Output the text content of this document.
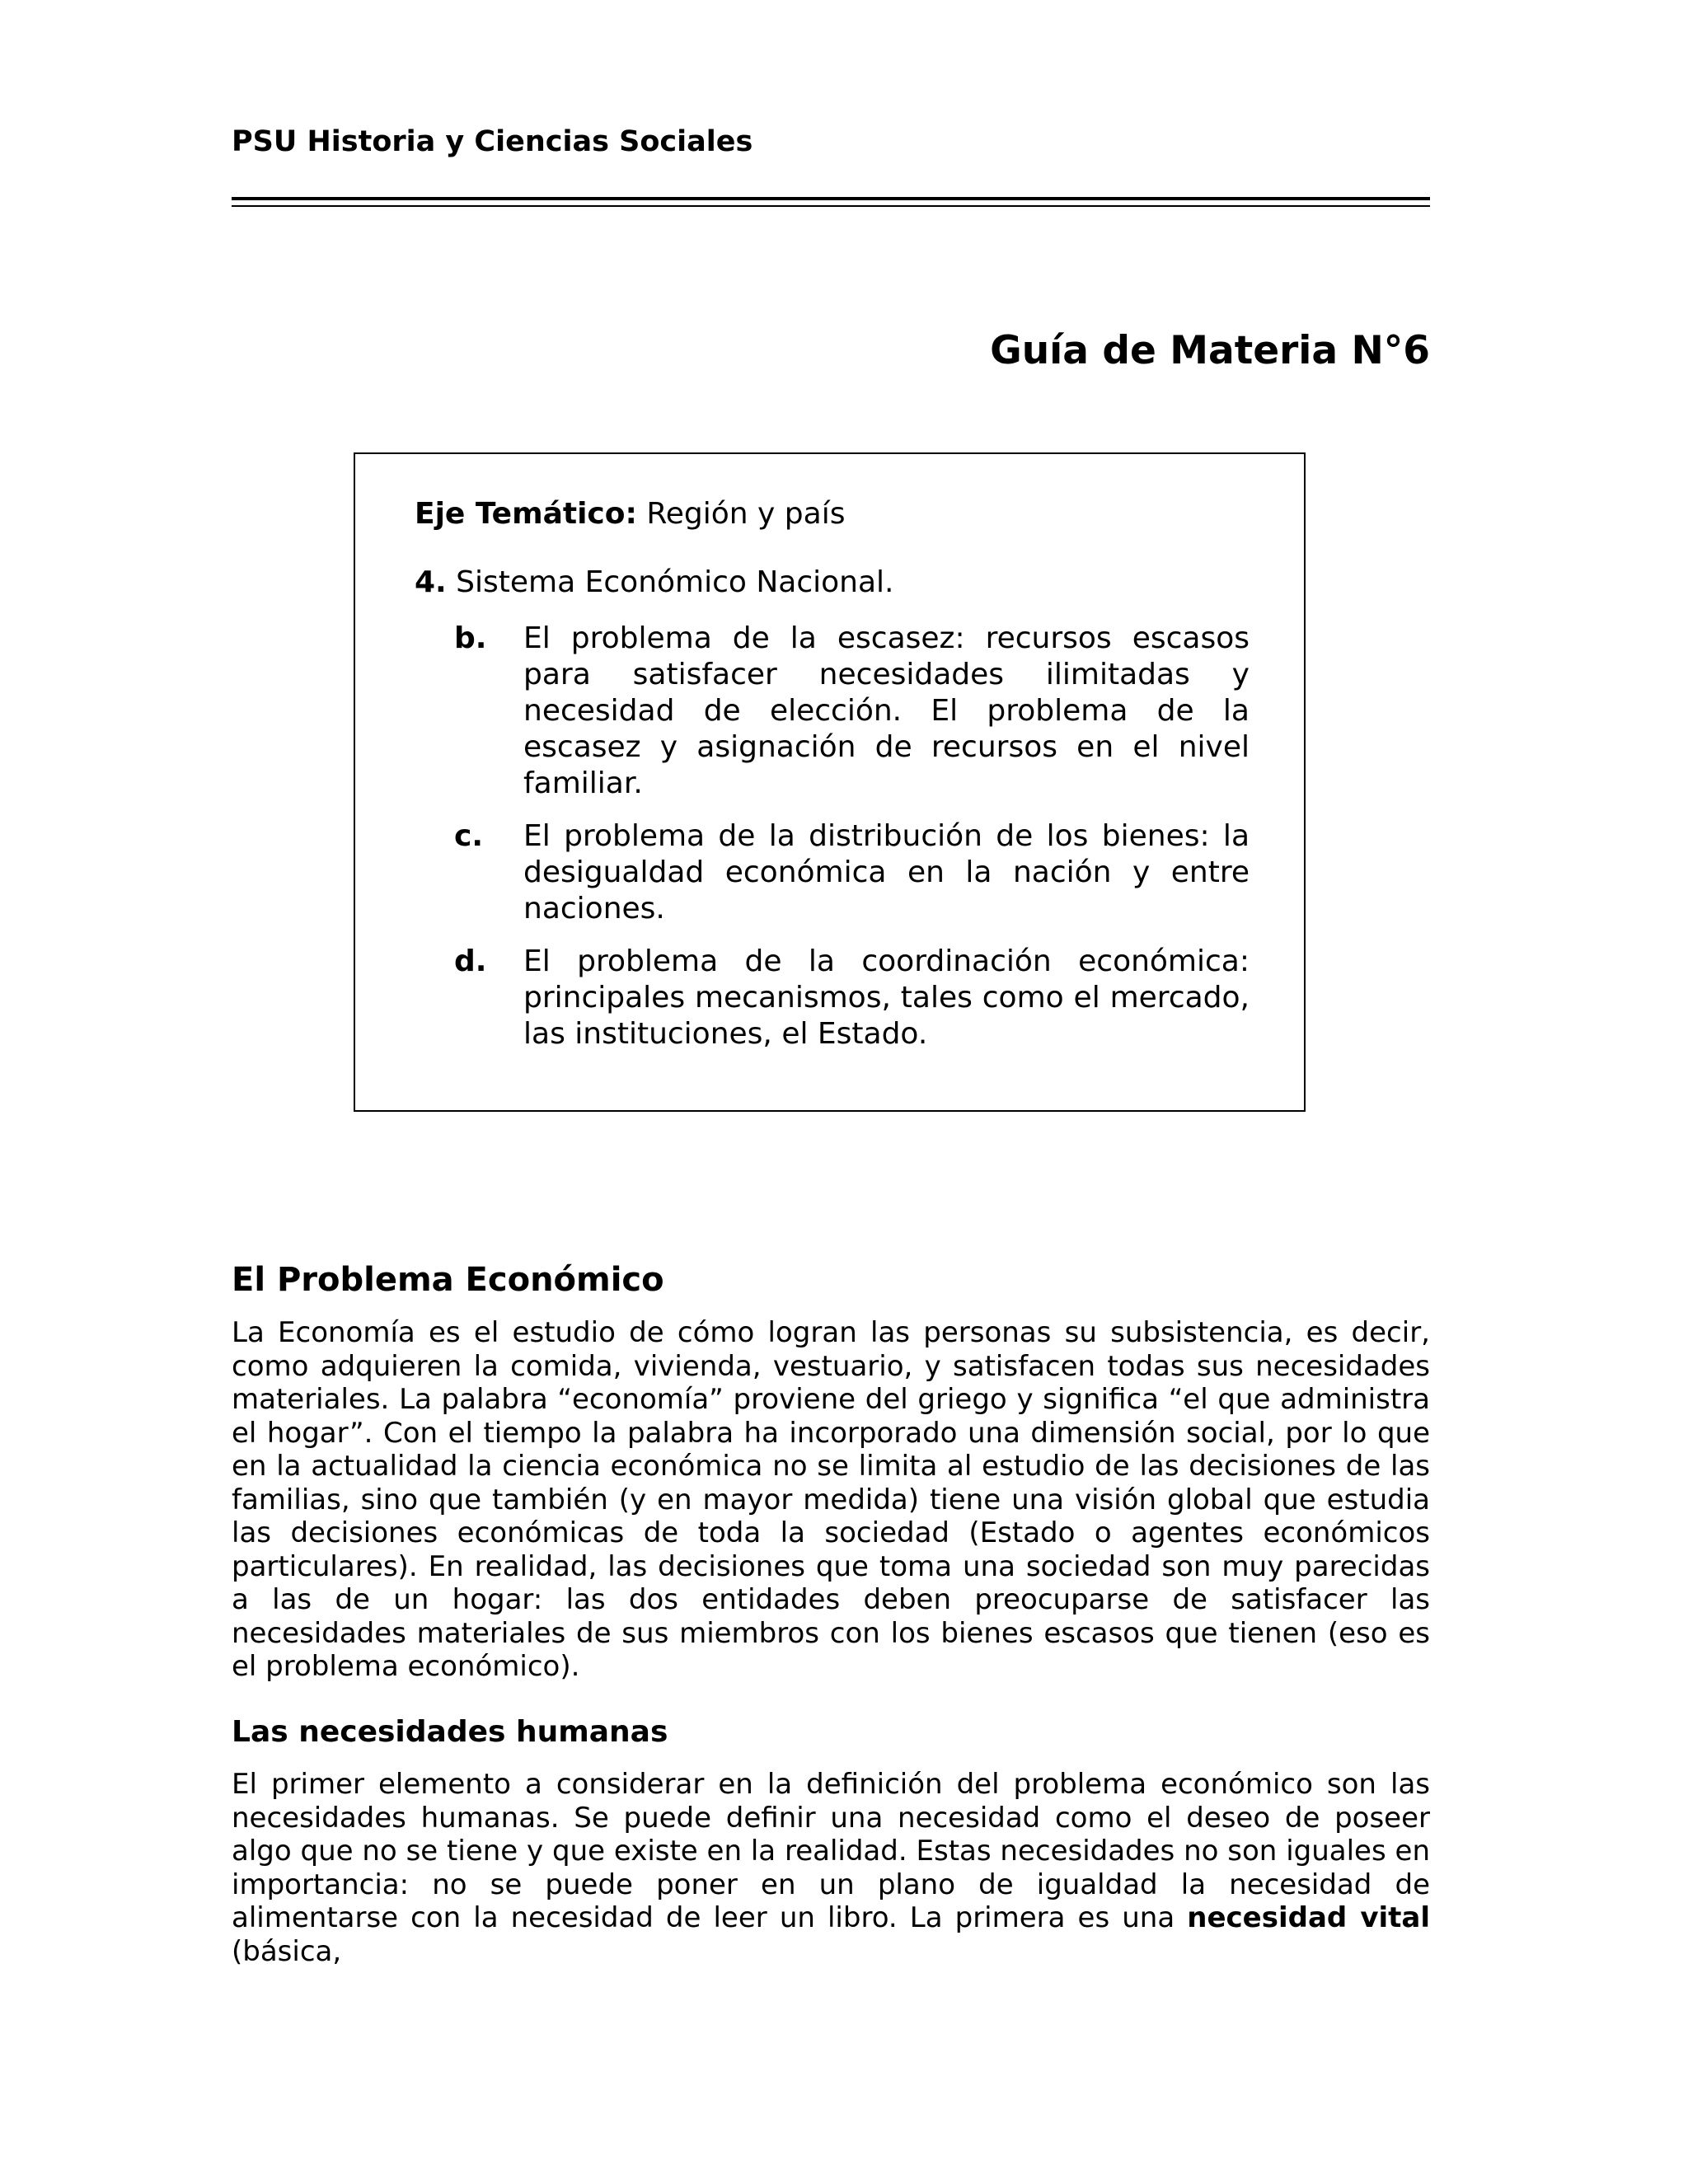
PSU Historia y Ciencias Sociales
Guía de Materia N°6
Eje Temático: Región y país
4. Sistema Económico Nacional.
b. El problema de la escasez: recursos escasos para satisfacer necesidades ilimitadas y necesidad de elección. El problema de la escasez y asignación de recursos en el nivel familiar.
c. El problema de la distribución de los bienes: la desigualdad económica en la nación y entre naciones.
d. El problema de la coordinación económica: principales mecanismos, tales como el mercado, las instituciones, el Estado.
El Problema Económico
La Economía es el estudio de cómo logran las personas su subsistencia, es decir, como adquieren la comida, vivienda, vestuario, y satisfacen todas sus necesidades materiales. La palabra “economía” proviene del griego y significa “el que administra el hogar”. Con el tiempo la palabra ha incorporado una dimensión social, por lo que en la actualidad la ciencia económica no se limita al estudio de las decisiones de las familias, sino que también (y en mayor medida) tiene una visión global que estudia las decisiones económicas de toda la sociedad (Estado o agentes económicos particulares). En realidad, las decisiones que toma una sociedad son muy parecidas a las de un hogar: las dos entidades deben preocuparse de satisfacer las necesidades materiales de sus miembros con los bienes escasos que tienen (eso es el problema económico).
Las necesidades humanas
El primer elemento a considerar en la definición del problema económico son las necesidades humanas. Se puede definir una necesidad como el deseo de poseer algo que no se tiene y que existe en la realidad. Estas necesidades no son iguales en importancia: no se puede poner en un plano de igualdad la necesidad de alimentarse con la necesidad de leer un libro. La primera es una necesidad vital (básica,
